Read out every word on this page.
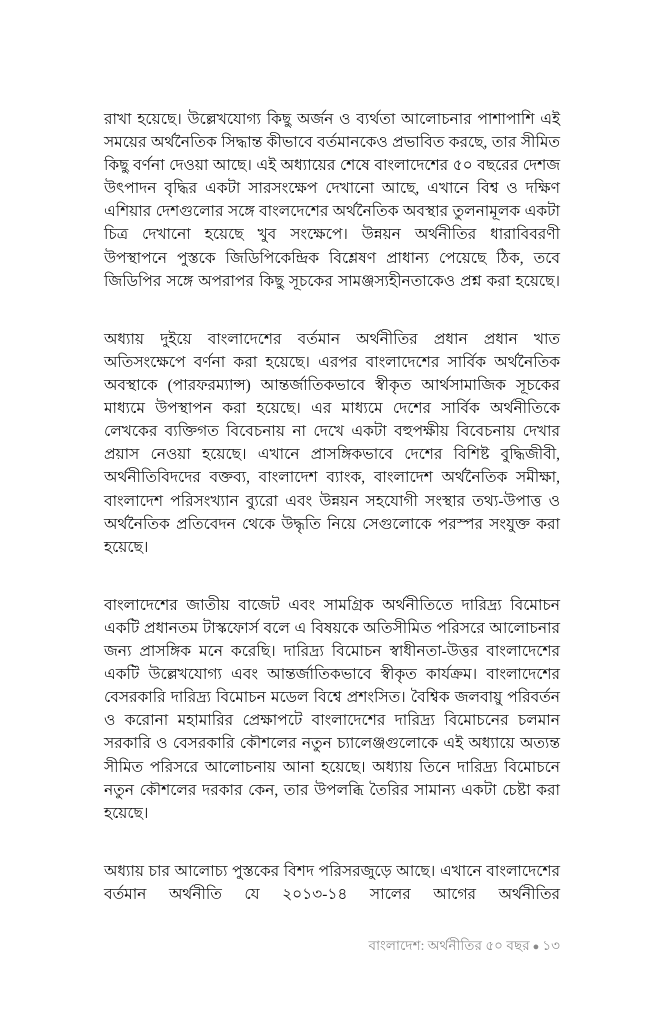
রাখা হয়েছে। উল্লেখযোগ্য কিছু অর্জন ও ব্যর্থতা আলোচনার পাশাপাশি এই সময়ের অর্থনৈতিক সিদ্ধান্ত কীভাবে বর্তমানকেও প্রভাবিত করছে, তার সীমিত কিছু বর্ণনা দেওয়া আছে। এই অধ্যায়ের শেষে বাংলাদেশের ৫০ বছরের দেশজ উৎপাদন বৃদ্ধির একটা সারসংক্ষেপ দেখানো আছে, এখানে বিশ্ব ও দক্ষিণ এশিয়ার দেশগুলোর সঙ্গে বাংলদেশের অর্থনৈতিক অবস্থার তুলনামূলক একটা চিত্র দেখানো হয়েছে খুব সংক্ষেপে। উন্নয়ন অর্থনীতির ধারাবিবরণী উপস্থাপনে পুস্তকে জিডিপিকেন্দ্রিক বিশ্লেষণ প্রাধান্য পেয়েছে ঠিক, তবে জিডিপির সঙ্গে অপরাপর কিছু সূচকের সামঞ্জস্যহীনতাকেও প্রশ্ন করা হয়েছে।

অধ্যায় দুইয়ে বাংলাদেশের বর্তমান অর্থনীতির প্রধান প্রধান খাত অতিসংক্ষেপে বর্ণনা করা হয়েছে। এরপর বাংলাদেশের সার্বিক অর্থনৈতিক অবস্থাকে (পারফরম্যান্স) আন্তর্জাতিকভাবে স্বীকৃত আর্থসামাজিক সূচকের মাধ্যমে উপস্থাপন করা হয়েছে। এর মাধ্যমে দেশের সার্বিক অর্থনীতিকে লেখকের ব্যক্তিগত বিবেচনায় না দেখে একটা বহুপক্ষীয় বিবেচনায় দেখার প্রয়াস নেওয়া হয়েছে। এখানে প্রাসঙ্গিকভাবে দেশের বিশিষ্ট বুদ্ধিজীবী, অর্থনীতিবিদদের বক্তব্য, বাংলাদেশ ব্যাংক, বাংলাদেশ অর্থনৈতিক সমীক্ষা, বাংলাদেশ পরিসংখ্যান ব্যুরো এবং উন্নয়ন সহযোগী সংস্থার তথ্য-উপাত্ত ও অর্থনৈতিক প্রতিবেদন থেকে উদ্ধৃতি নিয়ে সেগুলোকে পরস্পর সংযুক্ত করা হয়েছে।

বাংলাদেশের জাতীয় বাজেট এবং সামগ্রিক অর্থনীতিতে দারিদ্র্য বিমোচন একটি প্রধানতম টাস্কফোর্স বলে এ বিষয়কে অতিসীমিত পরিসরে আলোচনার জন্য প্রাসঙ্গিক মনে করেছি। দারিদ্র্য বিমোচন স্বাধীনতা-উত্তর বাংলাদেশের একটি উল্লেখযোগ্য এবং আন্তর্জাতিকভাবে স্বীকৃত কার্যক্রম। বাংলাদেশের বেসরকারি দারিদ্র্য বিমোচন মডেল বিশ্বে প্রশংসিত। বৈশ্বিক জলবায়ু পরিবর্তন ও করোনা মহামারির প্রেক্ষাপটে বাংলাদেশের দারিদ্র্য বিমোচনের চলমান সরকারি ও বেসরকারি কৌশলের নতুন চ্যালেঞ্জগুলোকে এই অধ্যায়ে অত্যন্ত সীমিত পরিসরে আলোচনায় আনা হয়েছে। অধ্যায় তিনে দারিদ্র্য বিমোচনে নতুন কৌশলের দরকার কেন, তার উপলব্ধি তৈরির সামান্য একটা চেষ্টা করা হয়েছে।

অধ্যায় চার আলোচ্য পুস্তকের বিশদ পরিসরজুড়ে আছে। এখানে বাংলাদেশের বর্তমান অর্থনীতি যে ২০১৩-১৪ সালের আগের অর্থনীতির

বাংলাদেশ: অর্থনীতির ৫০ বছর ● ১৩
